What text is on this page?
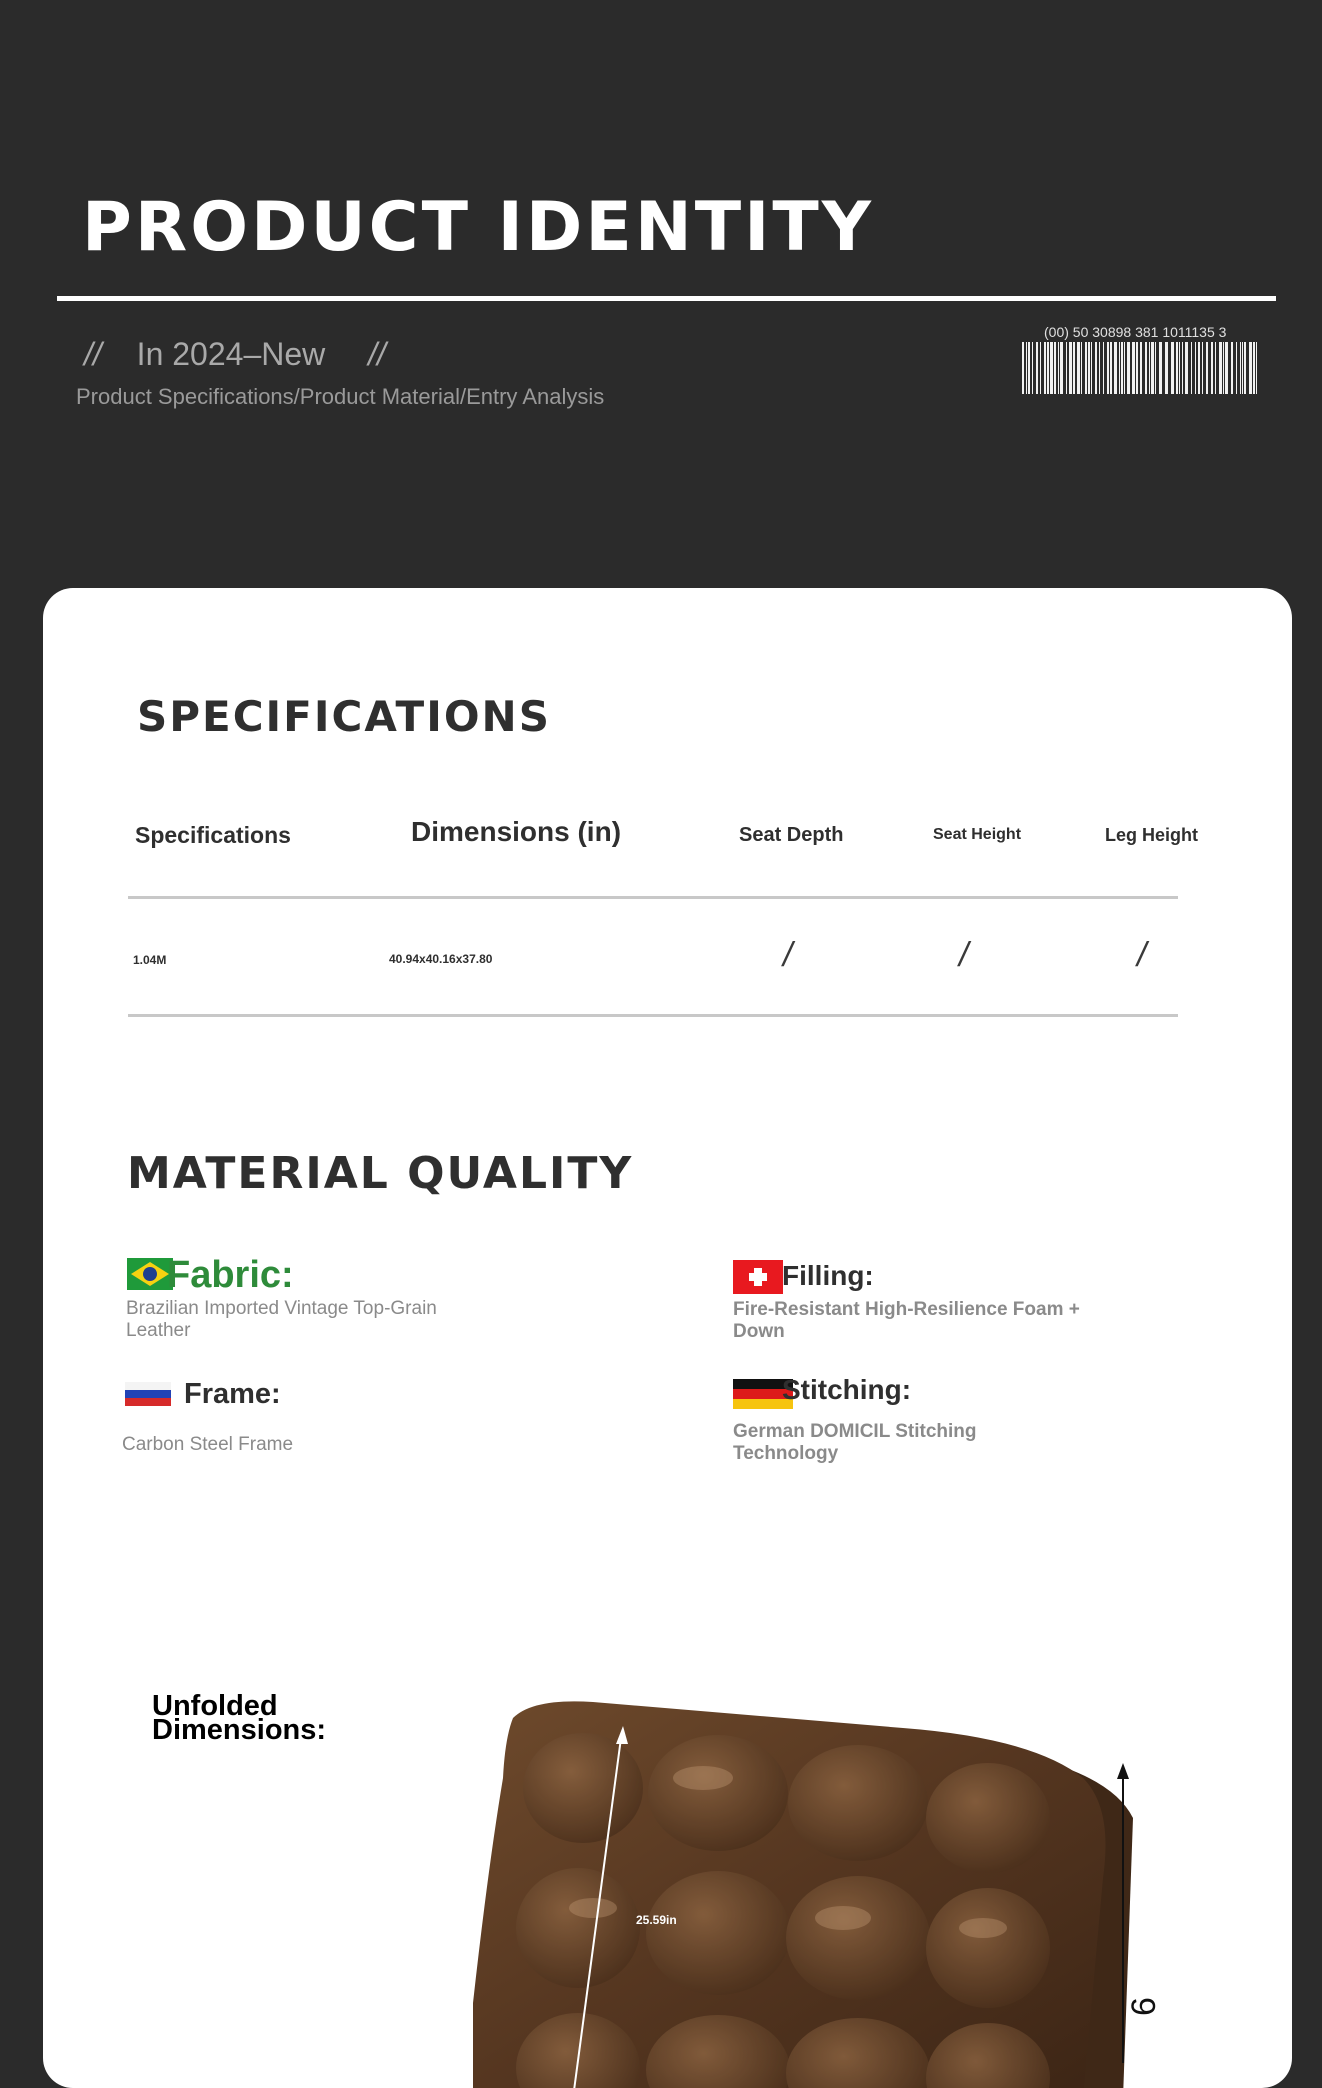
PRODUCT IDENTITY
// In 2024–New //
Product Specifications/Product Material/Entry Analysis
(00) 50 30898 381 1011135 3
SPECIFICATIONS
Specifications	Dimensions (in)	Seat Depth	Seat Height	Leg Height
1.04M	40.94x40.16x37.80	/	/	/
MATERIAL QUALITY
Fabric:
Brazilian Imported Vintage Top-Grain Leather
Filling:
Fire-Resistant High-Resilience Foam + Down
Frame:
Carbon Steel Frame
Stitching:
German DOMICIL Stitching Technology
Unfolded Dimensions:
25.59in
6
